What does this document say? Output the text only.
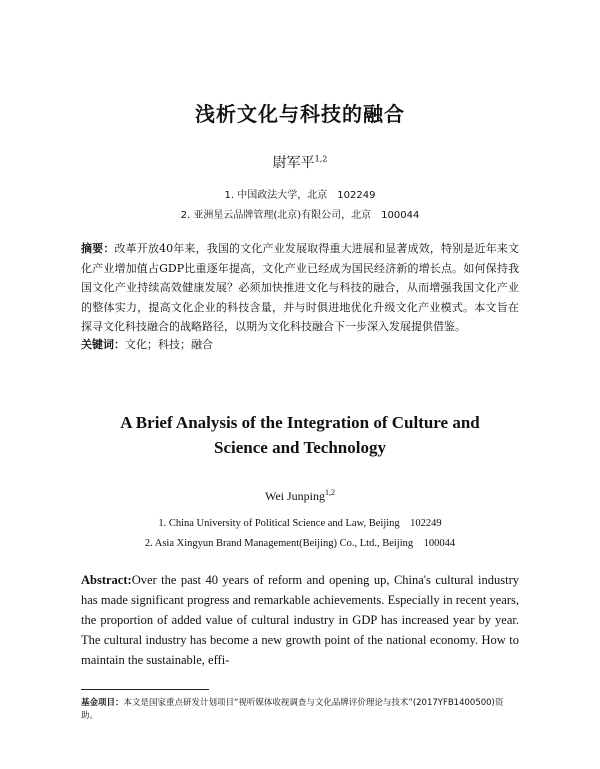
浅析文化与科技的融合
尉军平$^{1,2}$
1. 中国政法大学，北京　102249
2. 亚洲星云品牌管理(北京)有限公司，北京　100044
摘要：改革开放40年来，我国的文化产业发展取得重大进展和显著成效，特别是近年来文化产业增加值占GDP比重逐年提高，文化产业已经成为国民经济新的增长点。如何保持我国文化产业持续高效健康发展？必须加快推进文化与科技的融合，从而增强我国文化产业的整体实力，提高文化企业的科技含量，并与时俱进地优化升级文化产业模式。本文旨在探寻文化科技融合的战略路径，以期为文化科技融合下一步深入发展提供借鉴。
关键词：文化；科技；融合
A Brief Analysis of the Integration of Culture and
Science and Technology
Wei Junping$^{1,2}$
1. China University of Political Science and Law, Beijing　102249
2. Asia Xingyun Brand Management(Beijing) Co., Ltd., Beijing　100044
Abstract:Over the past 40 years of reform and opening up, China's cultural industry has made significant progress and remarkable achievements. Especially in recent years, the proportion of added value of cultural industry in GDP has increased year by year. The cultural industry has become a new growth point of the national economy. How to maintain the sustainable, effi-
基金项目：本文是国家重点研发计划项目“视听媒体收视调查与文化品牌评价理论与技术”(2017YFB1400500)资助。
